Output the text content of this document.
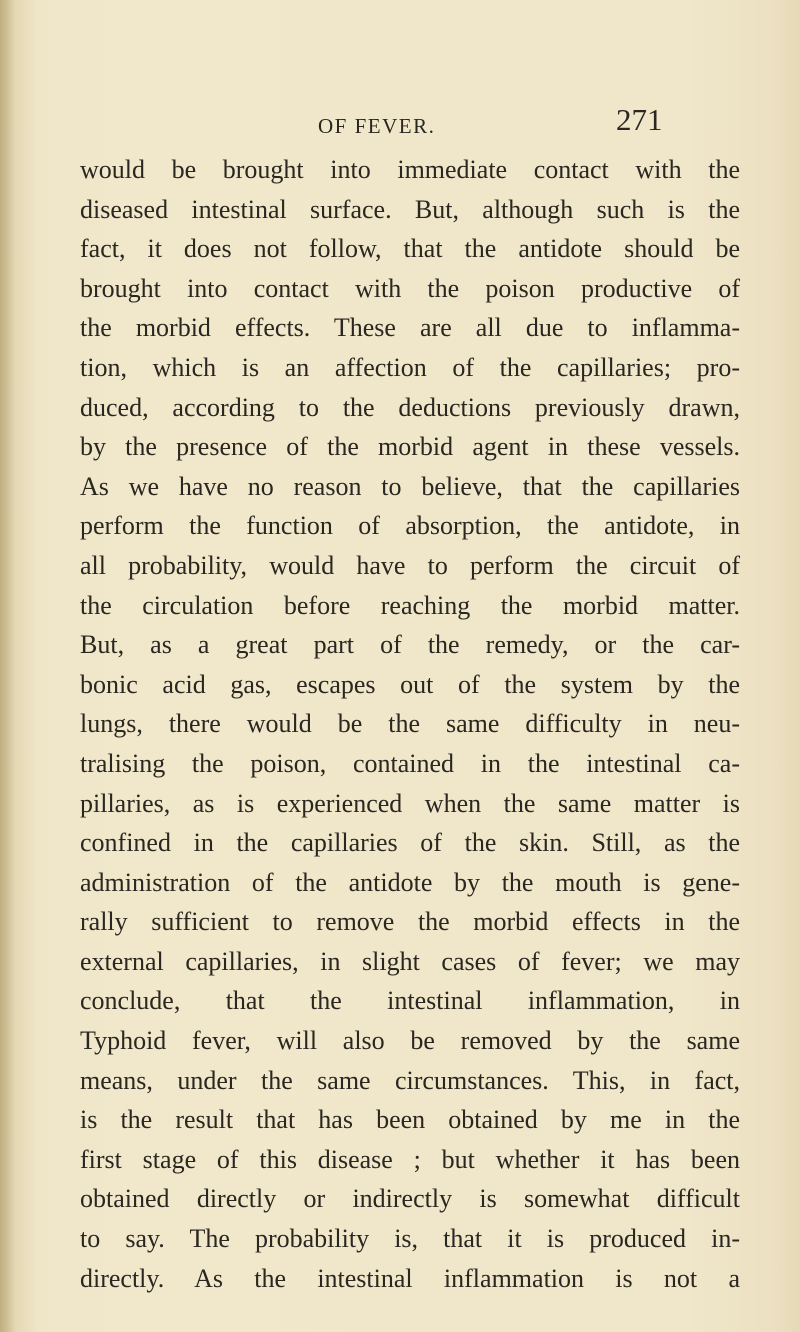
OF FEVER.	271
would be brought into immediate contact with the
diseased intestinal surface. But, although such is the
fact, it does not follow, that the antidote should be
brought into contact with the poison productive of
the morbid effects. These are all due to inflamma-
tion, which is an affection of the capillaries; pro-
duced, according to the deductions previously drawn,
by the presence of the morbid agent in these vessels.
As we have no reason to believe, that the capillaries
perform the function of absorption, the antidote, in
all probability, would have to perform the circuit of
the circulation before reaching the morbid matter.
But, as a great part of the remedy, or the car-
bonic acid gas, escapes out of the system by the
lungs, there would be the same difficulty in neu-
tralising the poison, contained in the intestinal ca-
pillaries, as is experienced when the same matter is
confined in the capillaries of the skin. Still, as the
administration of the antidote by the mouth is gene-
rally sufficient to remove the morbid effects in the
external capillaries, in slight cases of fever; we may
conclude, that the intestinal inflammation, in
Typhoid fever, will also be removed by the same
means, under the same circumstances. This, in fact,
is the result that has been obtained by me in the
first stage of this disease ; but whether it has been
obtained directly or indirectly is somewhat difficult
to say. The probability is, that it is produced in-
directly. As the intestinal inflammation is not a
